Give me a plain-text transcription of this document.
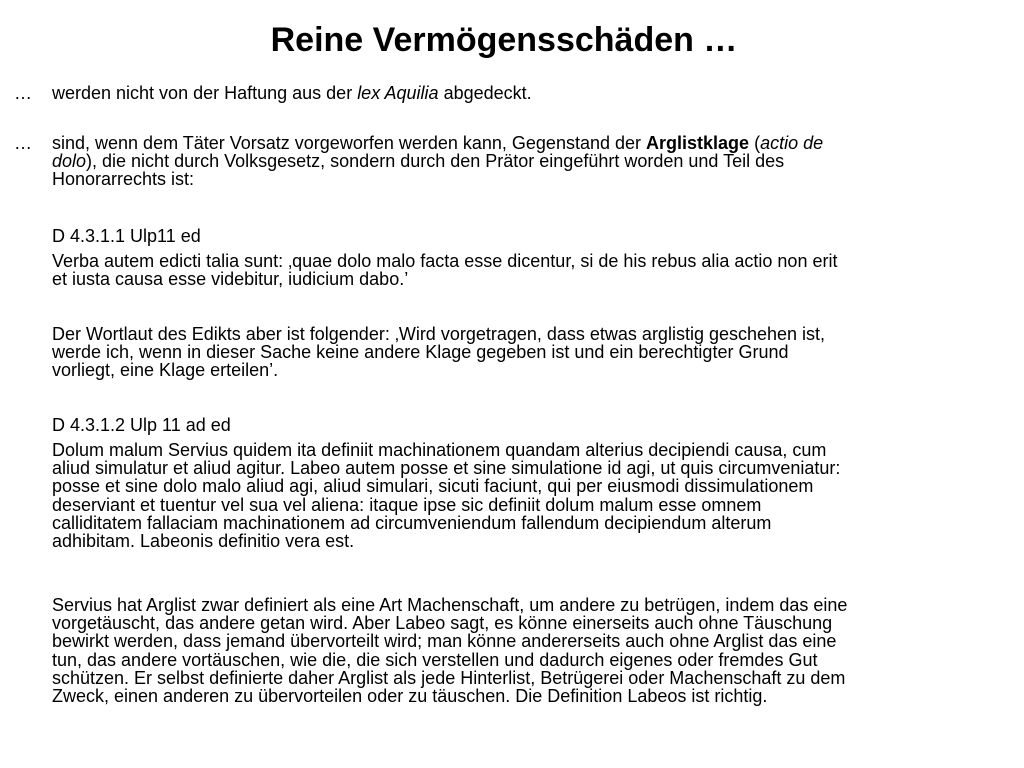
Reine Vermögensschäden …
… werden nicht von der Haftung aus der lex Aquilia abgedeckt.
… sind, wenn dem Täter Vorsatz vorgeworfen werden kann, Gegenstand der Arglistklage (actio de
dolo), die nicht durch Volksgesetz, sondern durch den Prätor eingeführt worden und Teil des
Honorarrechts ist:
D 4.3.1.1 Ulp11 ed
Verba autem edicti talia sunt: ‚quae dolo malo facta esse dicentur, si de his rebus alia actio non erit
et iusta causa esse videbitur, iudicium dabo.’
Der Wortlaut des Edikts aber ist folgender: ‚Wird vorgetragen, dass etwas arglistig geschehen ist,
werde ich, wenn in dieser Sache keine andere Klage gegeben ist und ein berechtigter Grund
vorliegt, eine Klage erteilen’.
D 4.3.1.2 Ulp 11 ad ed
Dolum malum Servius quidem ita definiit machinationem quandam alterius decipiendi causa, cum
aliud simulatur et aliud agitur. Labeo autem posse et sine simulatione id agi, ut quis circumveniatur:
posse et sine dolo malo aliud agi, aliud simulari, sicuti faciunt, qui per eiusmodi dissimulationem
deserviant et tuentur vel sua vel aliena: itaque ipse sic definiit dolum malum esse omnem
calliditatem fallaciam machinationem ad circumveniendum fallendum decipiendum alterum
adhibitam. Labeonis definitio vera est.
Servius hat Arglist zwar definiert als eine Art Machenschaft, um andere zu betrügen, indem das eine
vorgetäuscht, das andere getan wird. Aber Labeo sagt, es könne einerseits auch ohne Täuschung
bewirkt werden, dass jemand übervorteilt wird; man könne andererseits auch ohne Arglist das eine
tun, das andere vortäuschen, wie die, die sich verstellen und dadurch eigenes oder fremdes Gut
schützen. Er selbst definierte daher Arglist als jede Hinterlist, Betrügerei oder Machenschaft zu dem
Zweck, einen anderen zu übervorteilen oder zu täuschen. Die Definition Labeos ist richtig.
